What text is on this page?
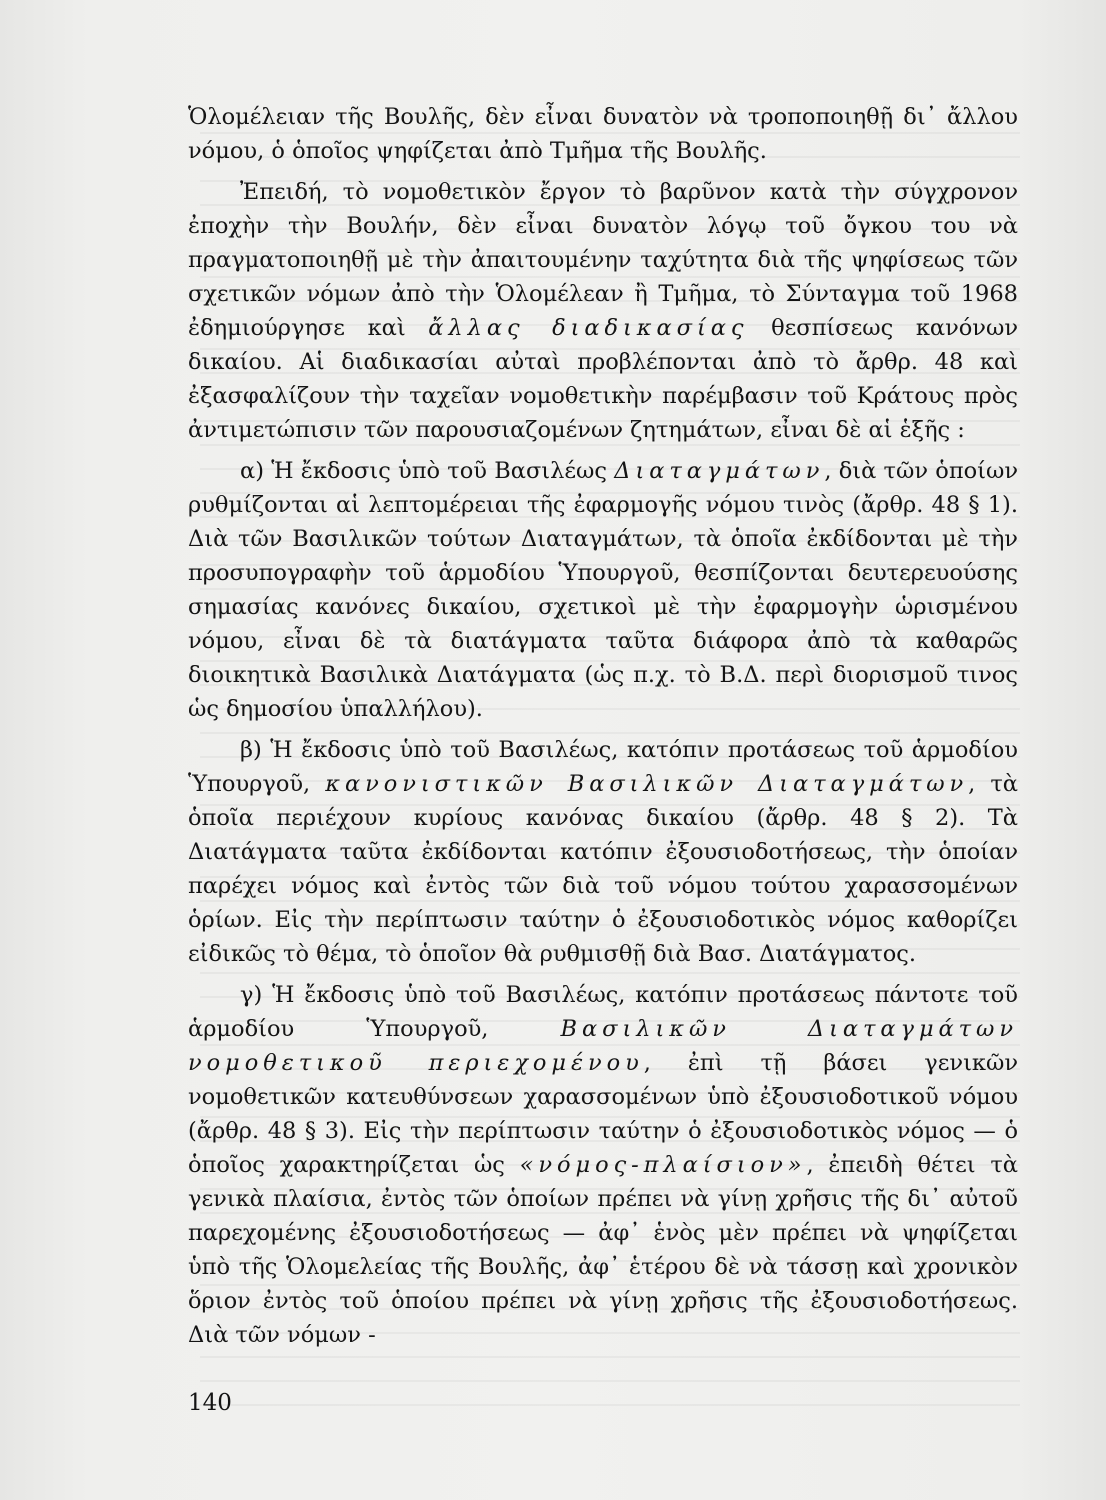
Ὁλομέλειαν τῆς Βουλῆς, δὲν εἶναι δυνατὸν νὰ τροποποιηθῇ δι᾽ ἄλλου νόμου, ὁ ὁποῖος ψηφίζεται ἀπὸ Τμῆμα τῆς Βουλῆς.

Ἐπειδή, τὸ νομοθετικὸν ἔργον τὸ βαρῦνον κατὰ τὴν σύγχρονον ἐποχὴν τὴν Βουλήν, δὲν εἶναι δυνατὸν λόγῳ τοῦ ὄγκου του νὰ πραγματοποιηθῇ μὲ τὴν ἀπαιτουμένην ταχύτητα διὰ τῆς ψηφίσεως τῶν σχετικῶν νόμων ἀπὸ τὴν Ὁλομέλεαν ἢ Τμῆμα, τὸ Σύνταγμα τοῦ 1968 ἐδημιούργησε καὶ ἄλλας διαδικασίας θεσπίσεως κανόνων δικαίου. Αἱ διαδικασίαι αὐταὶ προβλέπονται ἀπὸ τὸ ἄρθρ. 48 καὶ ἐξασφαλίζουν τὴν ταχεῖαν νομοθετικὴν παρέμβασιν τοῦ Κράτους πρὸς ἀντιμετώπισιν τῶν παρουσιαζομένων ζητημάτων, εἶναι δὲ αἱ ἑξῆς :

α) Ἡ ἔκδοσις ὑπὸ τοῦ Βασιλέως Διαταγμάτων, διὰ τῶν ὁποίων ρυθμίζονται αἱ λεπτομέρειαι τῆς ἐφαρμογῆς νόμου τινὸς (ἄρθρ. 48 § 1). Διὰ τῶν Βασιλικῶν τούτων Διαταγμάτων, τὰ ὁποῖα ἐκδίδονται μὲ τὴν προσυπογραφὴν τοῦ ἁρμοδίου Ὑπουργοῦ, θεσπίζονται δευτερευούσης σημασίας κανόνες δικαίου, σχετικοὶ μὲ τὴν ἐφαρμογὴν ὡρισμένου νόμου, εἶναι δὲ τὰ διατάγματα ταῦτα διάφορα ἀπὸ τὰ καθαρῶς διοικητικὰ Βασιλικὰ Διατάγματα (ὡς π.χ. τὸ Β.Δ. περὶ διορισμοῦ τινος ὡς δημοσίου ὑπαλλήλου).

β) Ἡ ἔκδοσις ὑπὸ τοῦ Βασιλέως, κατόπιν προτάσεως τοῦ ἁρμοδίου Ὑπουργοῦ, κανονιστικῶν Βασιλικῶν Διαταγμάτων, τὰ ὁποῖα περιέχουν κυρίους κανόνας δικαίου (ἄρθρ. 48 § 2). Τὰ Διατάγματα ταῦτα ἐκδίδονται κατόπιν ἐξουσιοδοτήσεως, τὴν ὁποίαν παρέχει νόμος καὶ ἐντὸς τῶν διὰ τοῦ νόμου τούτου χαρασσομένων ὁρίων. Εἰς τὴν περίπτωσιν ταύτην ὁ ἐξουσιοδοτικὸς νόμος καθορίζει εἰδικῶς τὸ θέμα, τὸ ὁποῖον θὰ ρυθμισθῇ διὰ Βασ. Διατάγματος.

γ) Ἡ ἔκδοσις ὑπὸ τοῦ Βασιλέως, κατόπιν προτάσεως πάντοτε τοῦ ἁρμοδίου Ὑπουργοῦ, Βασιλικῶν Διαταγμάτων νομοθετικοῦ περιεχομένου, ἐπὶ τῇ βάσει γενικῶν νομοθετικῶν κατευθύνσεων χαρασσομένων ὑπὸ ἐξουσιοδοτικοῦ νόμου (ἄρθρ. 48 § 3). Εἰς τὴν περίπτωσιν ταύτην ὁ ἐξουσιοδοτικὸς νόμος — ὁ ὁποῖος χαρακτηρίζεται ὡς «νόμος-πλαίσιον», ἐπειδὴ θέτει τὰ γενικὰ πλαίσια, ἐντὸς τῶν ὁποίων πρέπει νὰ γίνῃ χρῆσις τῆς δι᾽ αὐτοῦ παρεχομένης ἐξουσιοδοτήσεως — ἀφ᾽ ἑνὸς μὲν πρέπει νὰ ψηφίζεται ὑπὸ τῆς Ὁλομελείας τῆς Βουλῆς, ἀφ᾽ ἑτέρου δὲ νὰ τάσσῃ καὶ χρονικὸν ὅριον ἐντὸς τοῦ ὁποίου πρέπει νὰ γίνῃ χρῆσις τῆς ἐξουσιοδοτήσεως. Διὰ τῶν νόμων -

140
